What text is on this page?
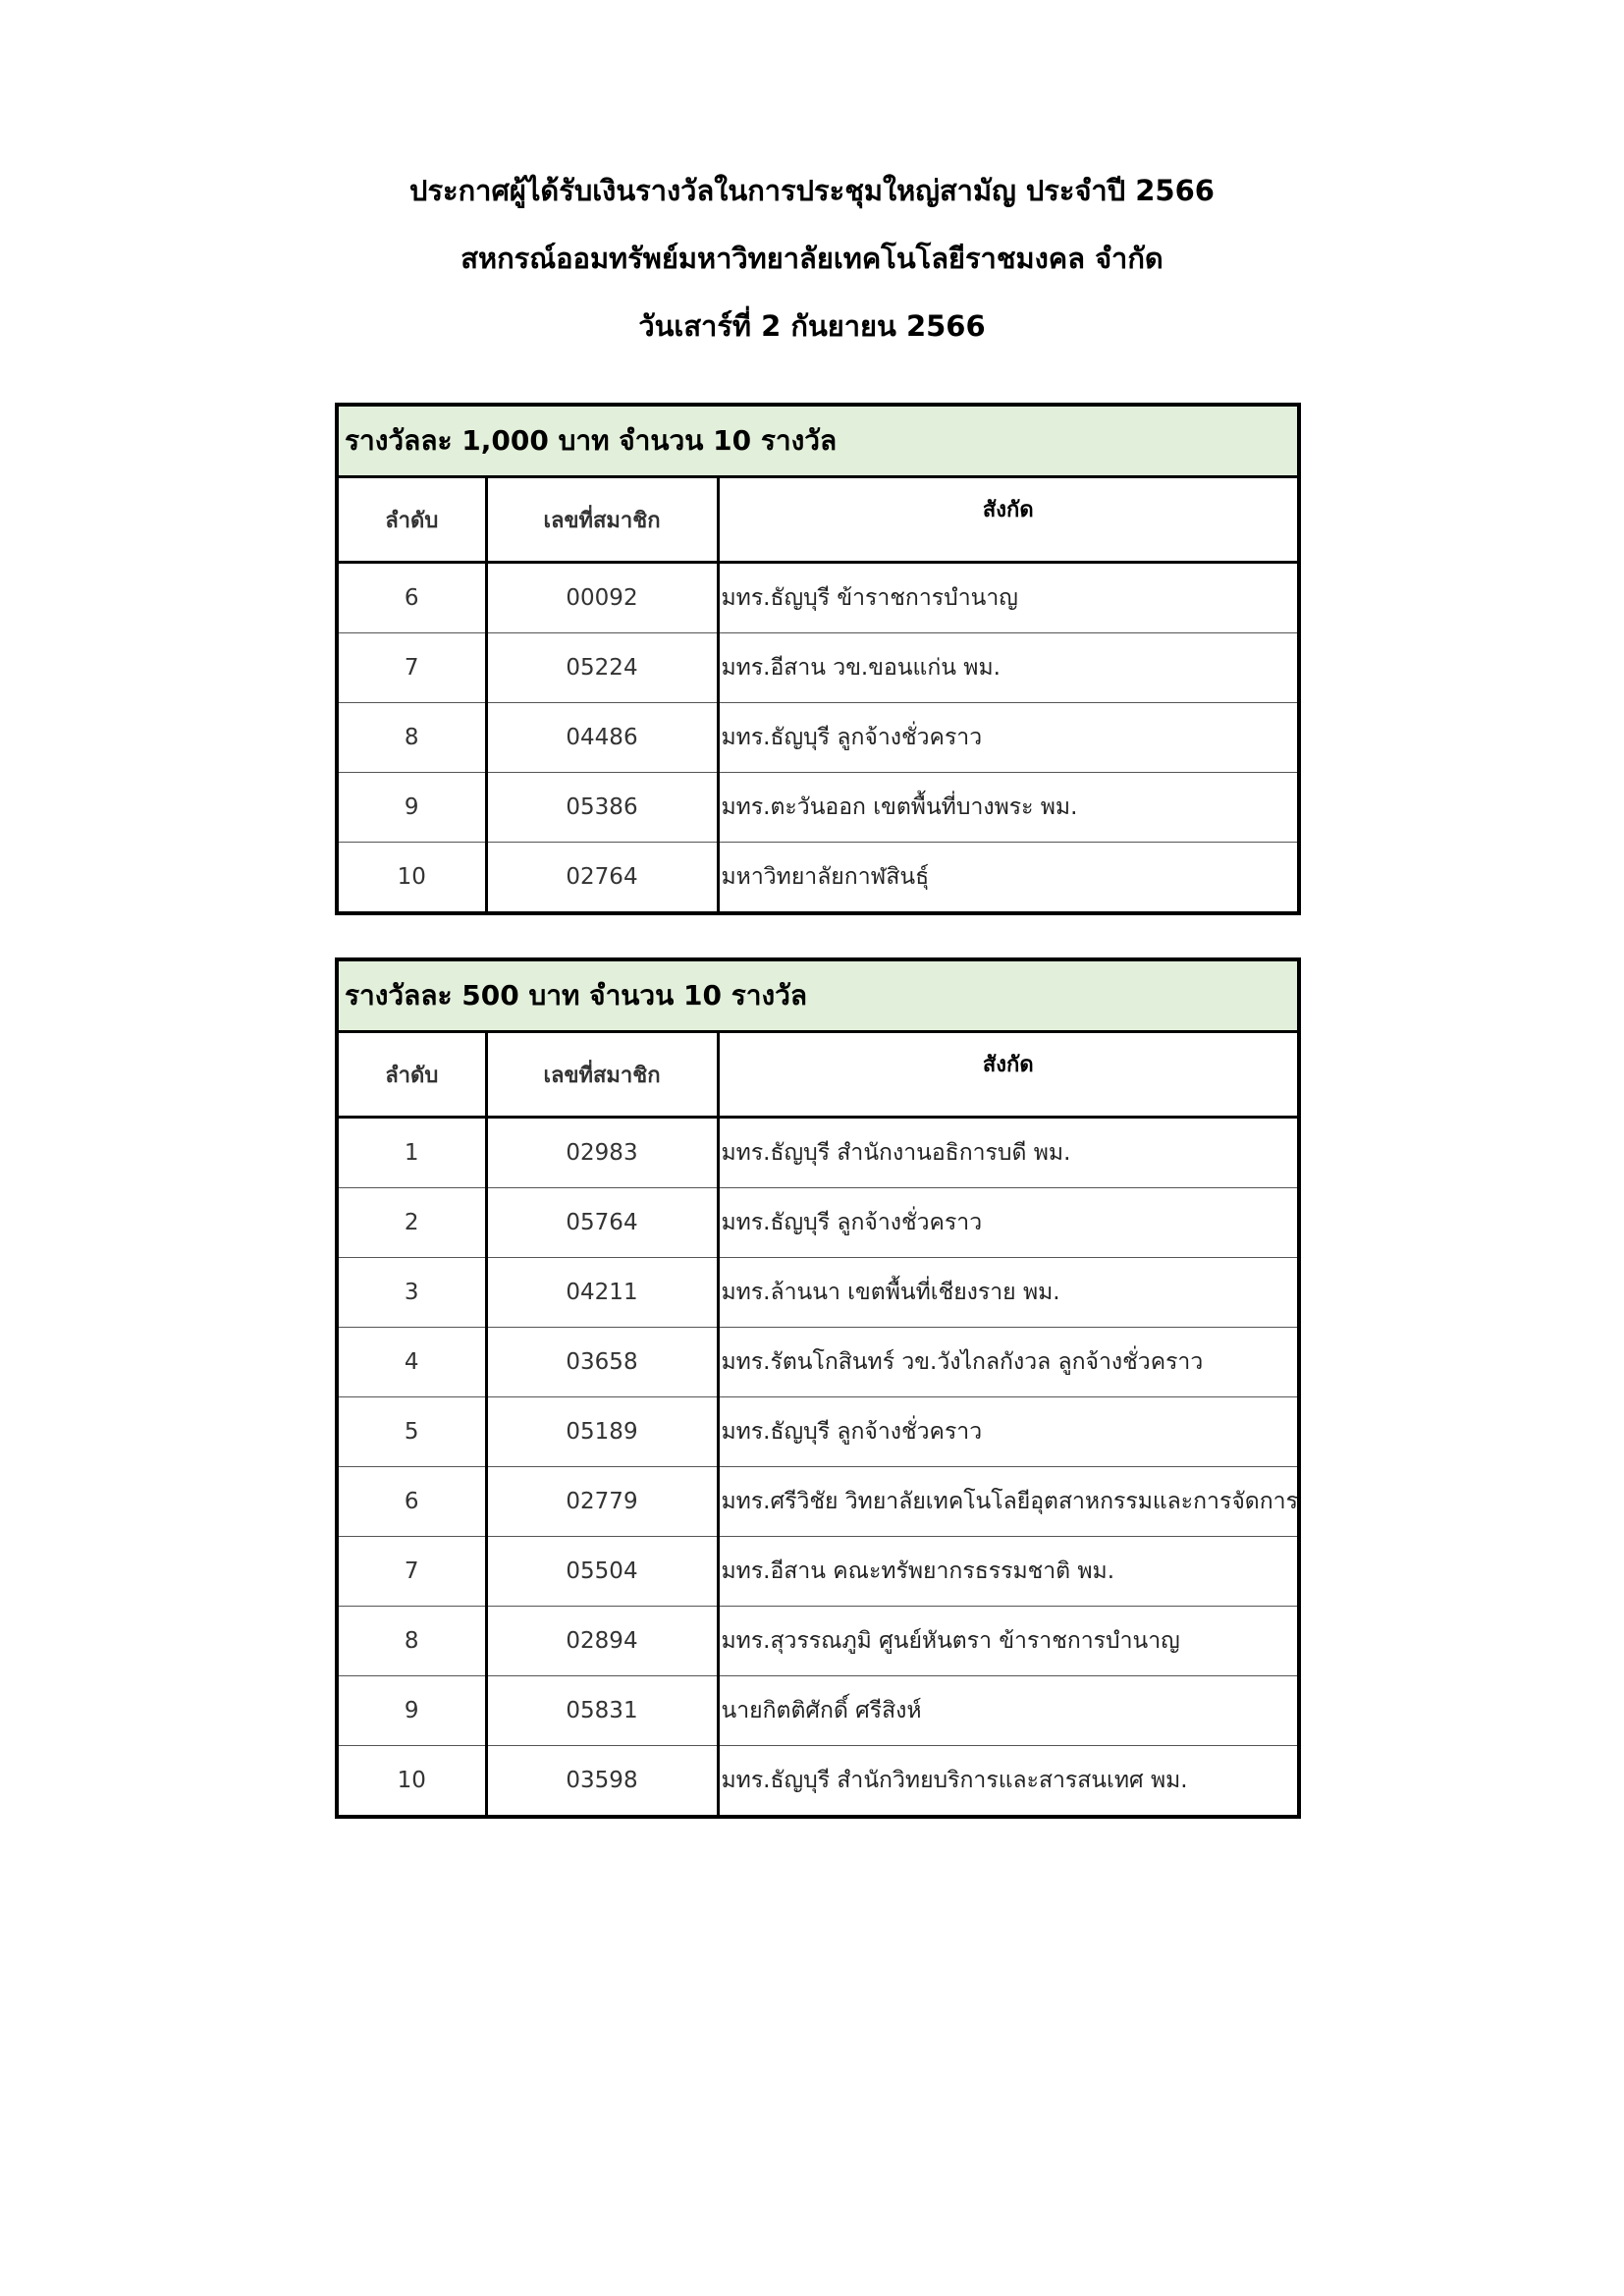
ประกาศผู้ได้รับเงินรางวัลในการประชุมใหญ่สามัญ ประจำปี 2566
สหกรณ์ออมทรัพย์มหาวิทยาลัยเทคโนโลยีราชมงคล จำกัด
วันเสาร์ที่ 2 กันยายน 2566
รางวัลละ 1,000 บาท จำนวน 10 รางวัล		
ลำดับ	เลขที่สมาชิก	สังกัด
6	00092	มทร.ธัญบุรี ข้าราชการบำนาญ
7	05224	มทร.อีสาน วข.ขอนแก่น พม.
8	04486	มทร.ธัญบุรี ลูกจ้างชั่วคราว
9	05386	มทร.ตะวันออก เขตพื้นที่บางพระ พม.
10	02764	มหาวิทยาลัยกาฬสินธุ์
รางวัลละ 500 บาท จำนวน 10 รางวัล		
ลำดับ	เลขที่สมาชิก	สังกัด
1	02983	มทร.ธัญบุรี สำนักงานอธิการบดี พม.
2	05764	มทร.ธัญบุรี ลูกจ้างชั่วคราว
3	04211	มทร.ล้านนา เขตพื้นที่เชียงราย พม.
4	03658	มทร.รัตนโกสินทร์ วข.วังไกลกังวล ลูกจ้างชั่วคราว
5	05189	มทร.ธัญบุรี ลูกจ้างชั่วคราว
6	02779	มทร.ศรีวิชัย วิทยาลัยเทคโนโลยีอุตสาหกรรมและการจัดการ
7	05504	มทร.อีสาน คณะทรัพยากรธรรมชาติ พม.
8	02894	มทร.สุวรรณภูมิ ศูนย์หันตรา ข้าราชการบำนาญ
9	05831	นายกิตติศักดิ์ ศรีสิงห์
10	03598	มทร.ธัญบุรี สำนักวิทยบริการและสารสนเทศ พม.
